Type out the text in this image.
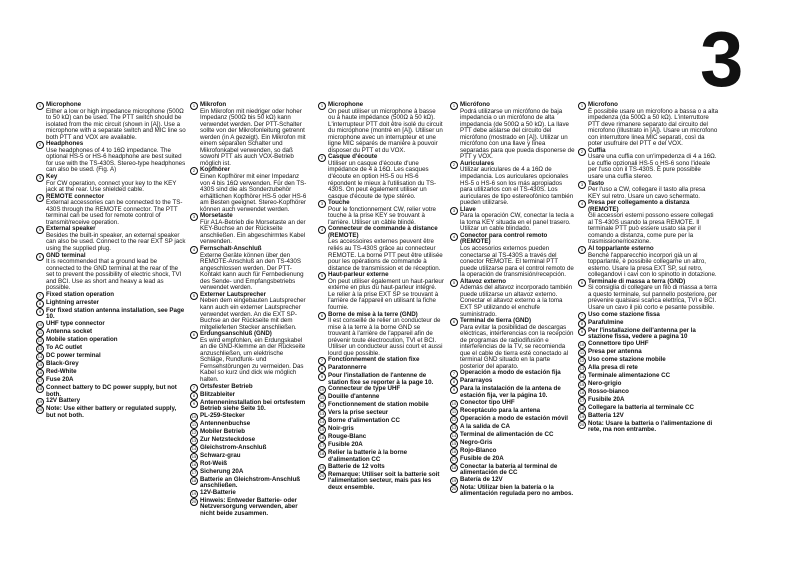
3
1 Microphone
Either a low or high impedance microphone (500Ω to 50 kΩ) can be used. The PTT switch should be isolated from the mic circuit (shown in [A]). Use a microphone with a separate switch and MIC line so both PTT and VOX are available.
2 Headphones
Use headphones of 4 to 16Ω impedance. The optional HS-5 or HS-6 headphone are best suited for use with the TS-430S. Stereo-type headphones can also be used. (Fig. A)
3 Key
For CW operation, connect your key to the KEY jack at the rear. Use shielded cable.
4 REMOTE connector
External accessories can be connected to the TS-430S through the REMOTE connector. The PTT terminal can be used for remote control of transmit/receive operation.
5 External speaker
Besides the built-in speaker, an external speaker can also be used. Connect to the rear EXT SP jack using the supplied plug.
6 GND terminal
It is recommended that a ground lead be connected to the GND terminal at the rear of the set to prevent the possibility of electric shock, TVI and BCI. Use as short and heavy a lead as possible.
7 Fixed station operation
8 Lightning arrester
9 For fixed station antenna installation, see Page 10.
10 UHF type connector
11 Antenna socket
12 Mobile station operation
13 To AC outlet
14 DC power terminal
15 Black-Grey
16 Red-White
17 Fuse 20A
18 Connect battery to DC power supply, but not both.
19 12V Battery
20 Note: Use either battery or regulated supply, but not both.
1 Mikrofon
Ein Mikrofon mit niedriger oder hoher Impedanz (500Ω bis 50 kΩ) kann verwendet werden. Der PTT-Schalter sollte von der Mikrofonleitung getrennt werden (in A gezeigt). Ein Mikrofon mit einem separaten Schalter und Mikrofonkabel verwenden, so daß sowohl PTT als auch VOX-Betrieb möglich ist.
2 Kopfhörer
Einen Kopfhörer mit einer Impedanz von 4 bis 16Ω verwenden. Für den TS-430S sind die als Sonderzubehör erhältlichen Kopfhörer HS-5 oder HS-6 am Besten geeignet. Stereo-Kopfhörer können auch verwendet werden.
3 Morsetaste
Für A1A-Betrieb die Morsetaste an der KEY-Buchse an der Rückseite anschließen. Ein abgeschirmtes Kabel verwenden.
4 Fernschalt-Anschluß
Externe Geräte können über den REMOTE-Anschluß an den TS-430S angeschlossen werden. Der PTT-Kontakt kann auch für Fernbedienung des Sende- und Empfangsbetriebs verwendet werden.
5 Externer Lautsprecher
Neben dem eingebauten Lautsprecher kann auch ein externer Lautsprecher verwendet werden. An die EXT SP-Buchse an der Rückseite mit dem mitgelieferten Stecker anschließen.
6 Erdungsanschluß (GND)
Es wird empfohlen, ein Erdungskabel an die GND-Klemme an der Rückseite anzuschließen, um elektrische Schläge, Rundfunk- und Fernsehstörungen zu vermeiden. Das Kabel so kurz und dick wie möglich halten.
7 Ortsfester Betrieb
8 Blitzableiter
9 Antenneninstallation bei ortsfestem Betrieb siehe Seite 10.
10 PL-259-Stecker
11 Antennenbuchse
12 Mobiler Betrieb
13 Zur Netzsteckdose
14 Gleichstrom-Anschluß
15 Schwarz-grau
16 Rot-Weiß
17 Sicherung 20A
18 Batterie an Gleichstrom-Anschluß anschließen.
19 12V-Batterie
20 Hinweis: Entweder Batterie- oder Netzversorgung verwenden, aber nicht beide zusammen.
1 Microphone
On peut utiliser un microphone à basse ou à haute impédance (500Ω à 50 kΩ). L'interrupteur PTT doit être isolé du circuit du microphone (montré en [A]). Utiliser un microphone avec un interrupteur et une ligne MIC séparés de manière à pouvoir disposer du PTT et du VOX.
2 Casque d'écoute
Utiliser un casque d'écoute d'une impédance de 4 à 16Ω. Les casques d'écoute en option HS-5 ou HS-6 répondent le mieux à l'utilisation du TS-430S. On peut également utiliser un casque d'écoute de type stéréo.
3 Touche
Pour le fonctionnement CW, relier votre touche à la prise KEY se trouvant à l'arrière. Utiliser un câble blindé.
4 Connecteur de commande à distance (REMOTE)
Les accessoires externes peuvent être reliés au TS-430S grâce au connecteur REMOTE. La borne PTT peut être utilisée pour les opérations de commande à distance de transmission et de réception.
5 Haut-parleur externe
On peut utiliser également un haut-parleur externe en plus du haut-parleur intégré. Le relier à la prise EXT SP se trouvant à l'arrière de l'appareil en utilisant la fiche fournie.
6 Borne de mise à la terre (GND)
Il est conseillé de relier un conducteur de mise à la terre à la borne GND se trouvant à l'arrière de l'appareil afin de prévenir toute électrocution, TVI et BCI. Utiliser un conducteur aussi court et aussi lourd que possible.
7 Fonctionnement de station fixe
8 Paratonnerre
9 Pour l'installation de l'antenne de station fixe se reporter à la page 10.
10 Connecteur de type UHF
11 Douille d'antenne
12 Fonctionnement de station mobile
13 Vers la prise secteur
14 Borne d'alimentation CC
15 Noir-gris
16 Rouge-Blanc
17 Fusible 20A
18 Relier la batterie à la borne d'alimentation CC
19 Batterie de 12 volts
20 Remarque: Utiliser soit la batterie soit l'alimentation secteur, mais pas les deux ensemble.
1 Micrófono
Podrá utilizarse un micrófono de baja impedancia o un micrófono de alta impedancia (de 500Ω a 50 kΩ). La llave PTT debe aislarse del circuito del micrófono (mostrado en [A]). Utilizar un micrófono con una llave y línea separadas para que pueda disponerse de PTT y VOX.
2 Auriculares
Utilizar auriculares de 4 a 16Ω de impedancia. Los auriculares opcionales HS-5 o HS-6 son los más apropiados para utilizarlos con el TS-430S. Los auriculares de tipo estereofónico también pueden utilizarse.
3 Llave
Para la operación CW, conectar la tecla a la toma KEY situada en el panel trasero. Utilizar un cable blindado.
4 Conector para control remoto (REMOTE)
Los accesorios externos pueden conectarse al TS-430S a través del conector REMOTE. El terminal PTT puede utilizarse para el control remoto de la operación de transmisión/recepción.
5 Altavoz externo
Además del altavoz incorporado también puede utilizarse un altavoz externo. Conectar el altavoz externo a la toma EXT SP utilizando el enchufe suministrado.
6 Terminal de tierra (GND)
Para evitar la posibilidad de descargas eléctricas, interferencias con la recepción de programas de radiodifusión e interferencias de la TV, se recomienda que el cable de tierra esté conectado al terminal GND situado en la parte posterior del aparato.
7 Operación a modo de estación fija
8 Pararrayos
9 Para la instalación de la antena de estación fija, ver la página 10.
10 Conector tipo UHF
11 Receptáculo para la antena
12 Operación a modo de estación móvil
13 A la salida de CA
14 Terminal de alimentación de CC
15 Negro-Gris
16 Rojo-Blanco
17 Fusible de 20A
18 Conectar la batería al terminal de alimentación de CC
19 Batería de 12V
20 Nota: Utilizar bien la batería o la alimentación regulada pero no ambos.
1 Microfono
È possibile usare un microfono a bassa o a alta impedenza (da 500Ω a 50 kΩ). L'interruttore PTT deve rimanere separato dal circuito del microfono (illustrato in [A]). Usare un microfono con interruttore linea MIC separati, così da poter usufruire del PTT e del VOX.
2 Cuffia
Usare una cuffia con un'impedenza di 4 a 16Ω. Le cuffie opzionali HS-5 o HS-6 sono l'ideale per l'uso con il TS-430S. È pure possibile usare una cuffia stereo.
3 Tasto
Per l'uso a CW, collegare il tasto alla presa KEY sul retro. Usare un cavo schermato.
4 Presa per collegamento a distanza (REMOTE)
Gli accessori esterni possono essere collegati al TS-430S usando la presa REMOTE. Il terminale PTT può essere usato sia per il comando a distanza, come pure per la trasmissione/ricezione.
5 Al topparlante esterno
Benché l'apparecchio incorpori già un al topparlante, è possibile collegarne un altro, esterno. Usare la presa EXT SP, sul retro, collegandovi i cavi con lo spinotto in dotazione.
6 Terminale di massa a terra (GND)
Si consiglia di collegare un filo di massa a terra a questo terminale, sul pannello posteriore, per prevenire qualsiasi scarica elettrica, TVI e BCI. Usare un cavo il più corto e pesante possibile.
7 Uso come stazione fissa
8 Parafulmine
9 Per l'installazione dell'antenna per la stazione fissa, vedere a pagina 10
10 Connettore tipo UHF
11 Presa per antenna
12 Uso come stazione mobile
13 Alla presa di rete
14 Terminale alimentazione CC
15 Nero-grigio
16 Rosso-bianco
17 Fusibile 20A
18 Collegare la batteria al terminale CC
19 Batteria 12V
20 Nota: Usare la batteria o l'alimentazione di rete, ma non entrambe.
